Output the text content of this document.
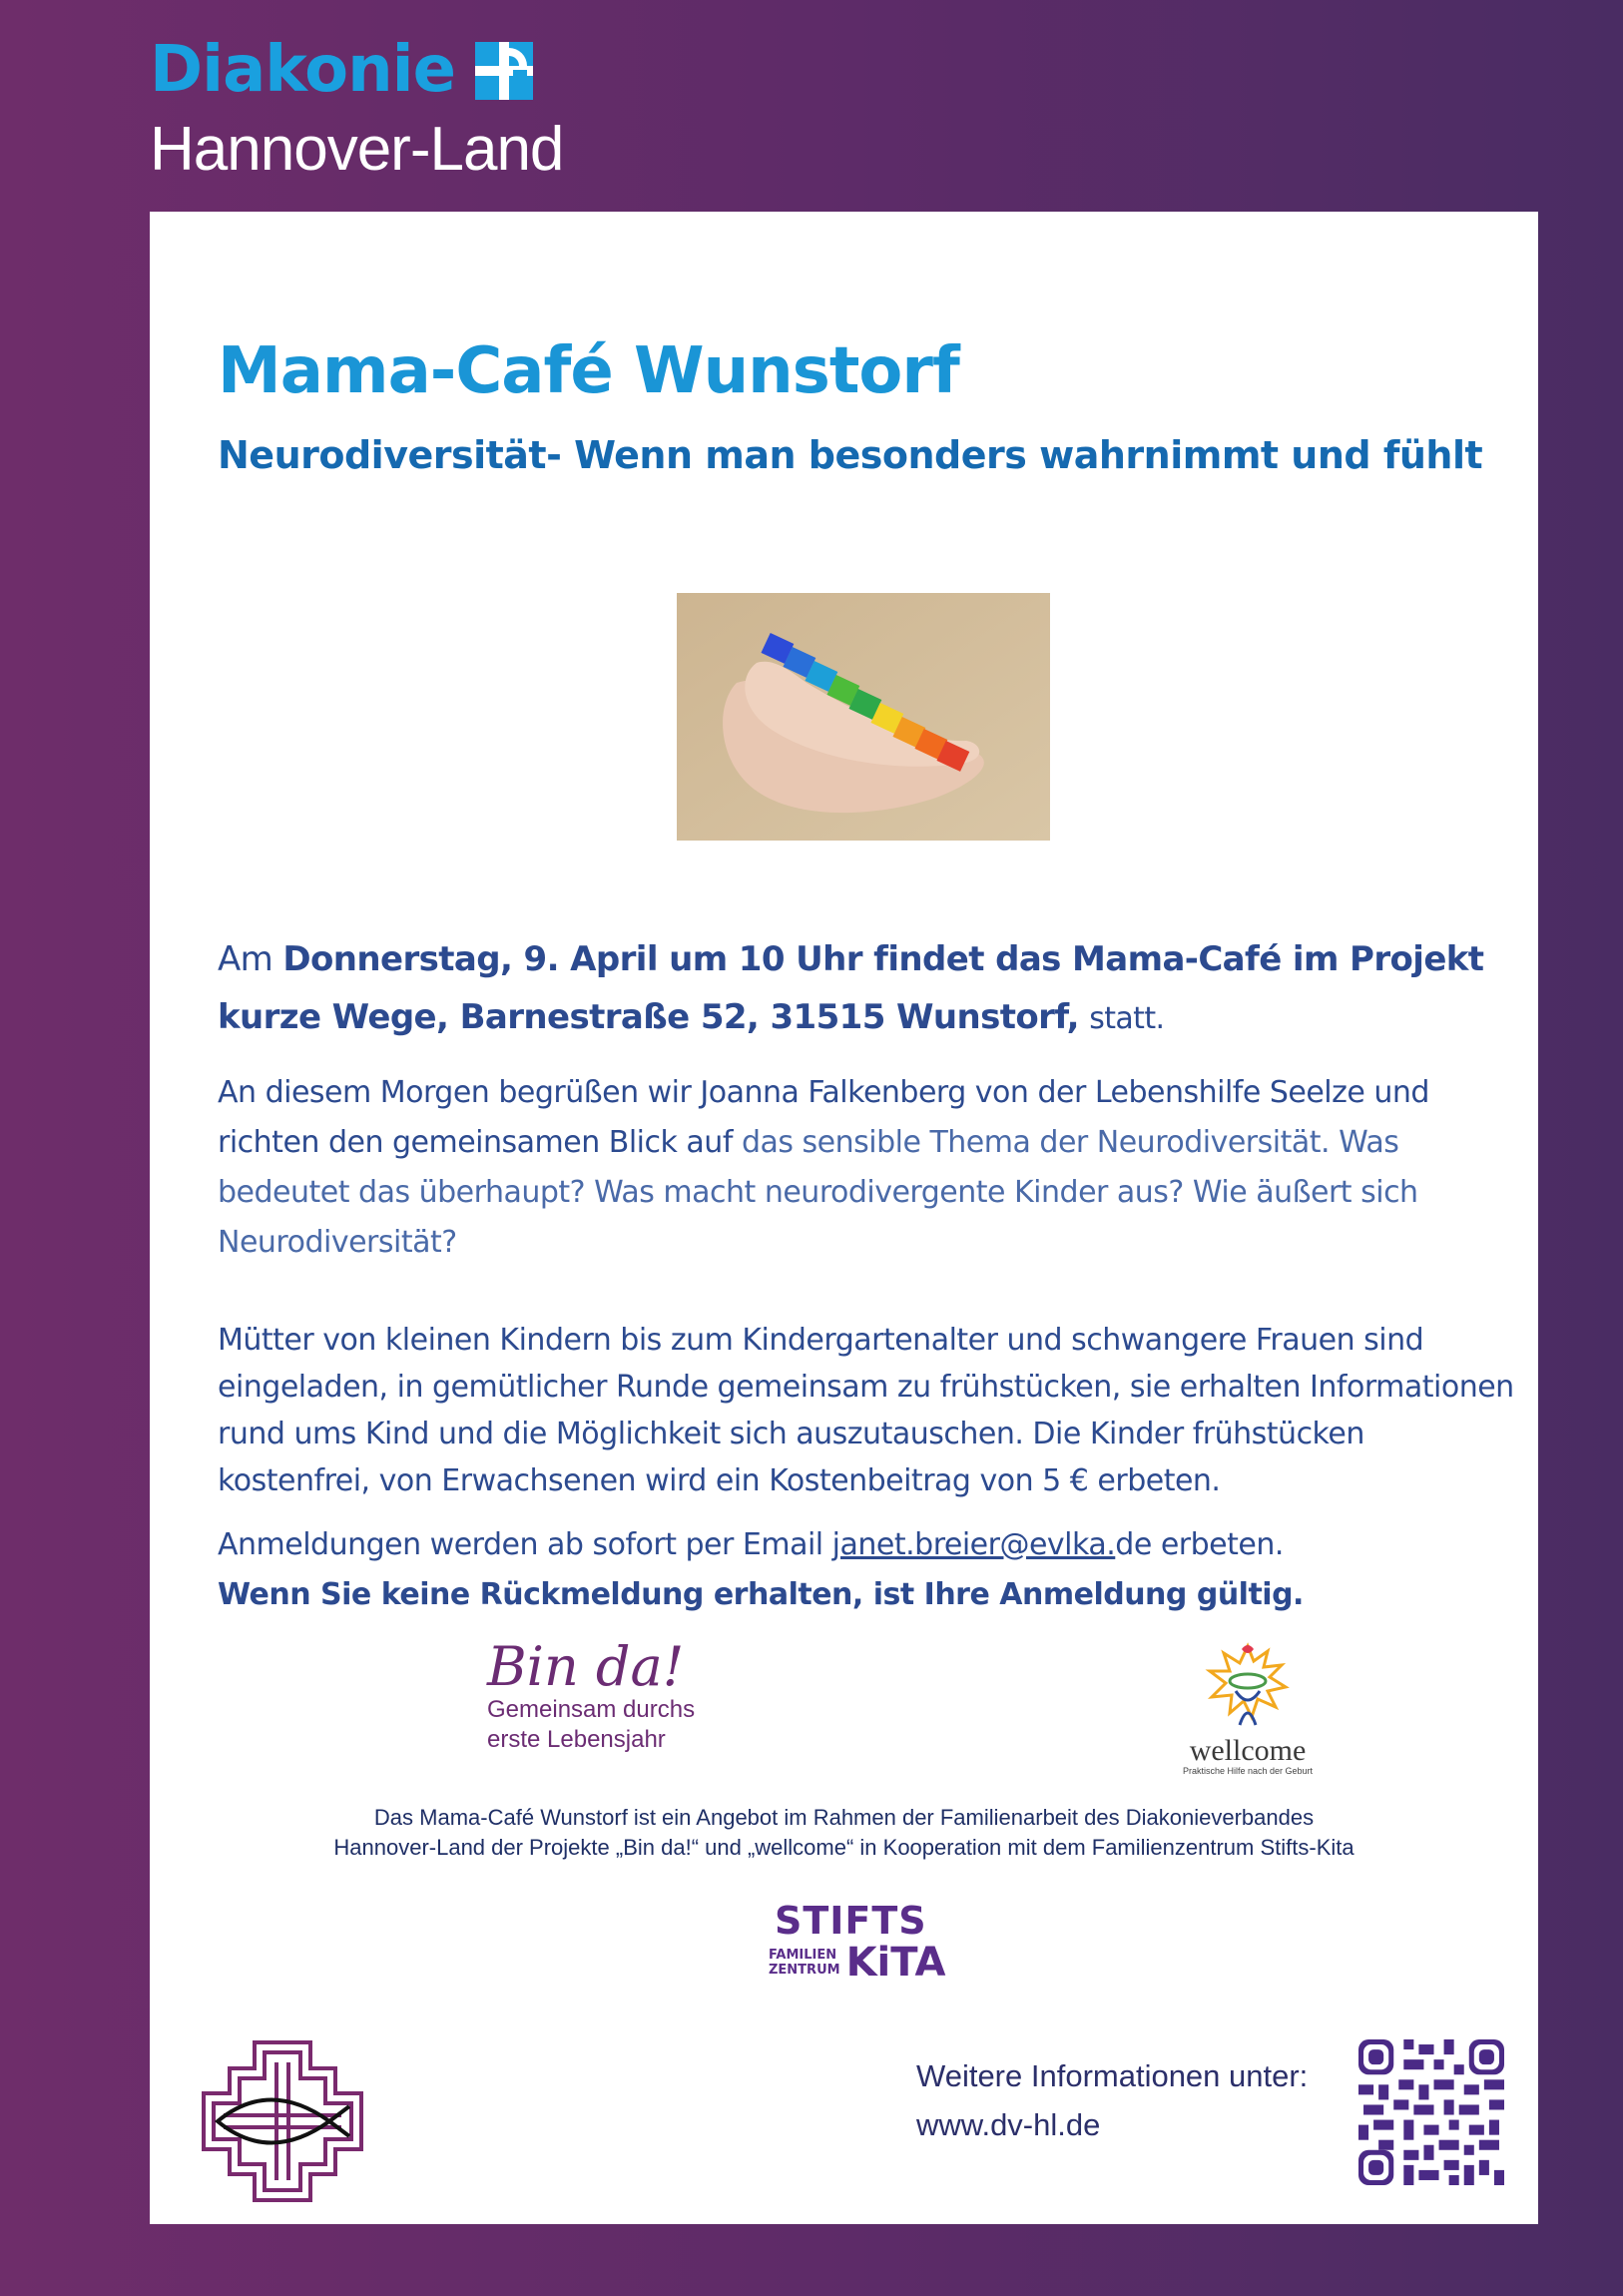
Diakonie
Hannover-Land
Mama-Café Wunstorf
Neurodiversität- Wenn man besonders wahrnimmt und fühlt
Am Donnerstag, 9. April um 10 Uhr findet das Mama-Café im Projekt kurze Wege, Barnestraße 52, 31515 Wunstorf, statt.
An diesem Morgen begrüßen wir Joanna Falkenberg von der Lebenshilfe Seelze und richten den gemeinsamen Blick auf das sensible Thema der Neurodiversität. Was bedeutet das überhaupt? Was macht neurodivergente Kinder aus? Wie äußert sich Neurodiversität?
Mütter von kleinen Kindern bis zum Kindergartenalter und schwangere Frauen sind eingeladen, in gemütlicher Runde gemeinsam zu frühstücken, sie erhalten Informationen rund ums Kind und die Möglichkeit sich auszutauschen. Die Kinder frühstücken kostenfrei, von Erwachsenen wird ein Kostenbeitrag von 5 € erbeten.
Anmeldungen werden ab sofort per Email janet.breier@evlka.de erbeten.
Wenn Sie keine Rückmeldung erhalten, ist Ihre Anmeldung gültig.
Bin da!
Gemeinsam durchs
erste Lebensjahr	wellcome
Praktische Hilfe nach der Geburt
Das Mama-Café Wunstorf ist ein Angebot im Rahmen der Familienarbeit des Diakonieverbandes
Hannover-Land der Projekte „Bin da!“ und „wellcome“ in Kooperation mit dem Familienzentrum Stifts-Kita
STIFTS
FAMILIEN
ZENTRUM KiTA
Weitere Informationen unter:
www.dv-hl.de
